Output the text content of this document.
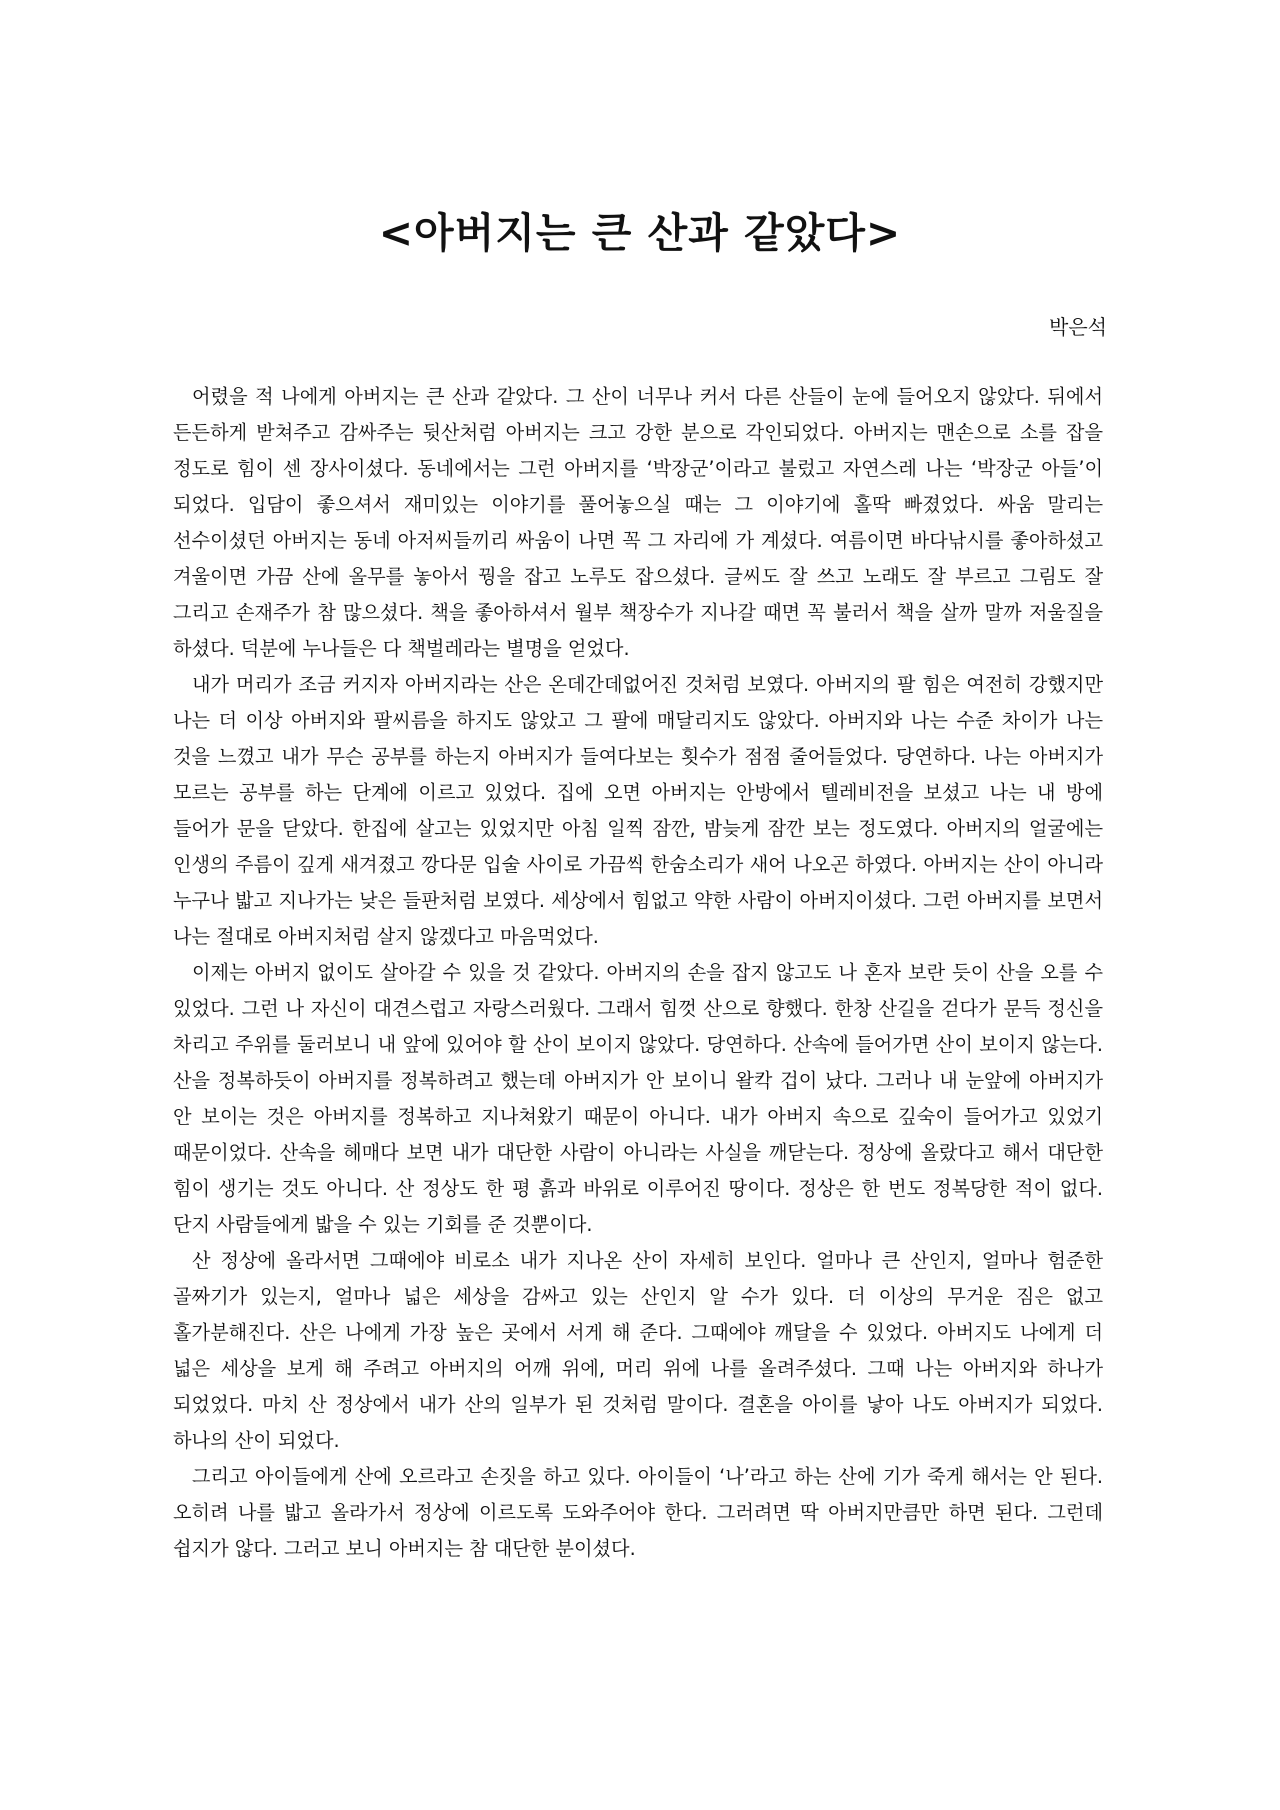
<아버지는 큰 산과 같았다>
박은석

어렸을 적 나에게 아버지는 큰 산과 같았다. 그 산이 너무나 커서 다른 산들이 눈에 들어오지 않았다. 뒤에서 든든하게 받쳐주고 감싸주는 뒷산처럼 아버지는 크고 강한 분으로 각인되었다. 아버지는 맨손으로 소를 잡을 정도로 힘이 센 장사이셨다. 동네에서는 그런 아버지를 ‘박장군’이라고 불렀고 자연스레 나는 ‘박장군 아들’이 되었다. 입담이 좋으셔서 재미있는 이야기를 풀어놓으실 때는 그 이야기에 홀딱 빠졌었다. 싸움 말리는 선수이셨던 아버지는 동네 아저씨들끼리 싸움이 나면 꼭 그 자리에 가 계셨다. 여름이면 바다낚시를 좋아하셨고 겨울이면 가끔 산에 올무를 놓아서 꿩을 잡고 노루도 잡으셨다. 글씨도 잘 쓰고 노래도 잘 부르고 그림도 잘 그리고 손재주가 참 많으셨다. 책을 좋아하셔서 월부 책장수가 지나갈 때면 꼭 불러서 책을 살까 말까 저울질을 하셨다. 덕분에 누나들은 다 책벌레라는 별명을 얻었다.

내가 머리가 조금 커지자 아버지라는 산은 온데간데없어진 것처럼 보였다. 아버지의 팔 힘은 여전히 강했지만 나는 더 이상 아버지와 팔씨름을 하지도 않았고 그 팔에 매달리지도 않았다. 아버지와 나는 수준 차이가 나는 것을 느꼈고 내가 무슨 공부를 하는지 아버지가 들여다보는 횟수가 점점 줄어들었다. 당연하다. 나는 아버지가 모르는 공부를 하는 단계에 이르고 있었다. 집에 오면 아버지는 안방에서 텔레비전을 보셨고 나는 내 방에 들어가 문을 닫았다. 한집에 살고는 있었지만 아침 일찍 잠깐, 밤늦게 잠깐 보는 정도였다. 아버지의 얼굴에는 인생의 주름이 깊게 새겨졌고 깡다문 입술 사이로 가끔씩 한숨소리가 새어 나오곤 하였다. 아버지는 산이 아니라 누구나 밟고 지나가는 낮은 들판처럼 보였다. 세상에서 힘없고 약한 사람이 아버지이셨다. 그런 아버지를 보면서 나는 절대로 아버지처럼 살지 않겠다고 마음먹었다.

이제는 아버지 없이도 살아갈 수 있을 것 같았다. 아버지의 손을 잡지 않고도 나 혼자 보란 듯이 산을 오를 수 있었다. 그런 나 자신이 대견스럽고 자랑스러웠다. 그래서 힘껏 산으로 향했다. 한창 산길을 걷다가 문득 정신을 차리고 주위를 둘러보니 내 앞에 있어야 할 산이 보이지 않았다. 당연하다. 산속에 들어가면 산이 보이지 않는다. 산을 정복하듯이 아버지를 정복하려고 했는데 아버지가 안 보이니 왈칵 겁이 났다. 그러나 내 눈앞에 아버지가 안 보이는 것은 아버지를 정복하고 지나쳐왔기 때문이 아니다. 내가 아버지 속으로 깊숙이 들어가고 있었기 때문이었다. 산속을 헤매다 보면 내가 대단한 사람이 아니라는 사실을 깨닫는다. 정상에 올랐다고 해서 대단한 힘이 생기는 것도 아니다. 산 정상도 한 평 흙과 바위로 이루어진 땅이다. 정상은 한 번도 정복당한 적이 없다. 단지 사람들에게 밟을 수 있는 기회를 준 것뿐이다.

산 정상에 올라서면 그때에야 비로소 내가 지나온 산이 자세히 보인다. 얼마나 큰 산인지, 얼마나 험준한 골짜기가 있는지, 얼마나 넓은 세상을 감싸고 있는 산인지 알 수가 있다. 더 이상의 무거운 짐은 없고 홀가분해진다. 산은 나에게 가장 높은 곳에서 서게 해 준다. 그때에야 깨달을 수 있었다. 아버지도 나에게 더 넓은 세상을 보게 해 주려고 아버지의 어깨 위에, 머리 위에 나를 올려주셨다. 그때 나는 아버지와 하나가 되었었다. 마치 산 정상에서 내가 산의 일부가 된 것처럼 말이다. 결혼을 아이를 낳아 나도 아버지가 되었다. 하나의 산이 되었다.

그리고 아이들에게 산에 오르라고 손짓을 하고 있다. 아이들이 ‘나’라고 하는 산에 기가 죽게 해서는 안 된다. 오히려 나를 밟고 올라가서 정상에 이르도록 도와주어야 한다. 그러려면 딱 아버지만큼만 하면 된다. 그런데 쉽지가 않다. 그러고 보니 아버지는 참 대단한 분이셨다.
